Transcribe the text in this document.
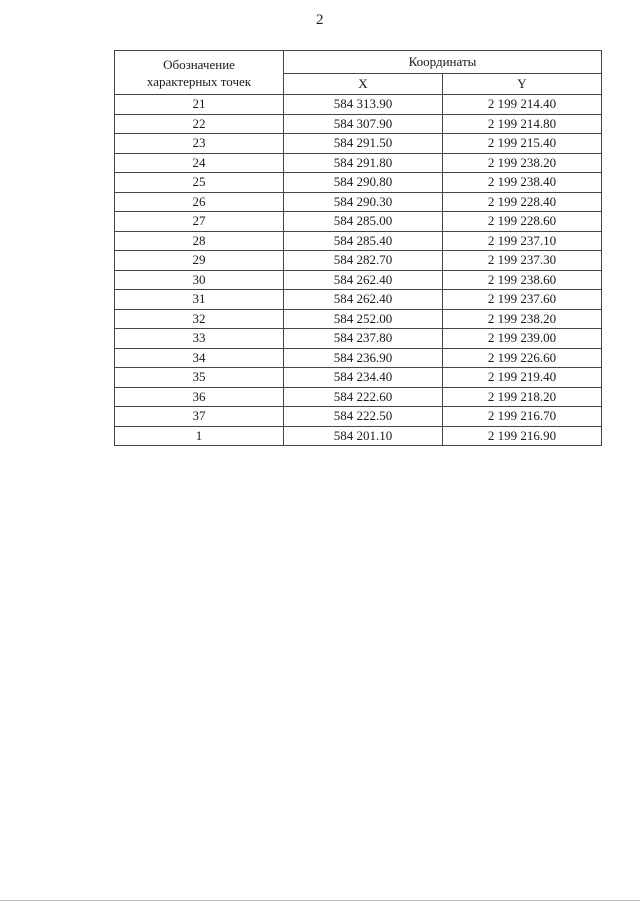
2
Обозначение
характерных точек	Координаты	
	X	Y
21	584 313.90	2 199 214.40
22	584 307.90	2 199 214.80
23	584 291.50	2 199 215.40
24	584 291.80	2 199 238.20
25	584 290.80	2 199 238.40
26	584 290.30	2 199 228.40
27	584 285.00	2 199 228.60
28	584 285.40	2 199 237.10
29	584 282.70	2 199 237.30
30	584 262.40	2 199 238.60
31	584 262.40	2 199 237.60
32	584 252.00	2 199 238.20
33	584 237.80	2 199 239.00
34	584 236.90	2 199 226.60
35	584 234.40	2 199 219.40
36	584 222.60	2 199 218.20
37	584 222.50	2 199 216.70
1	584 201.10	2 199 216.90
